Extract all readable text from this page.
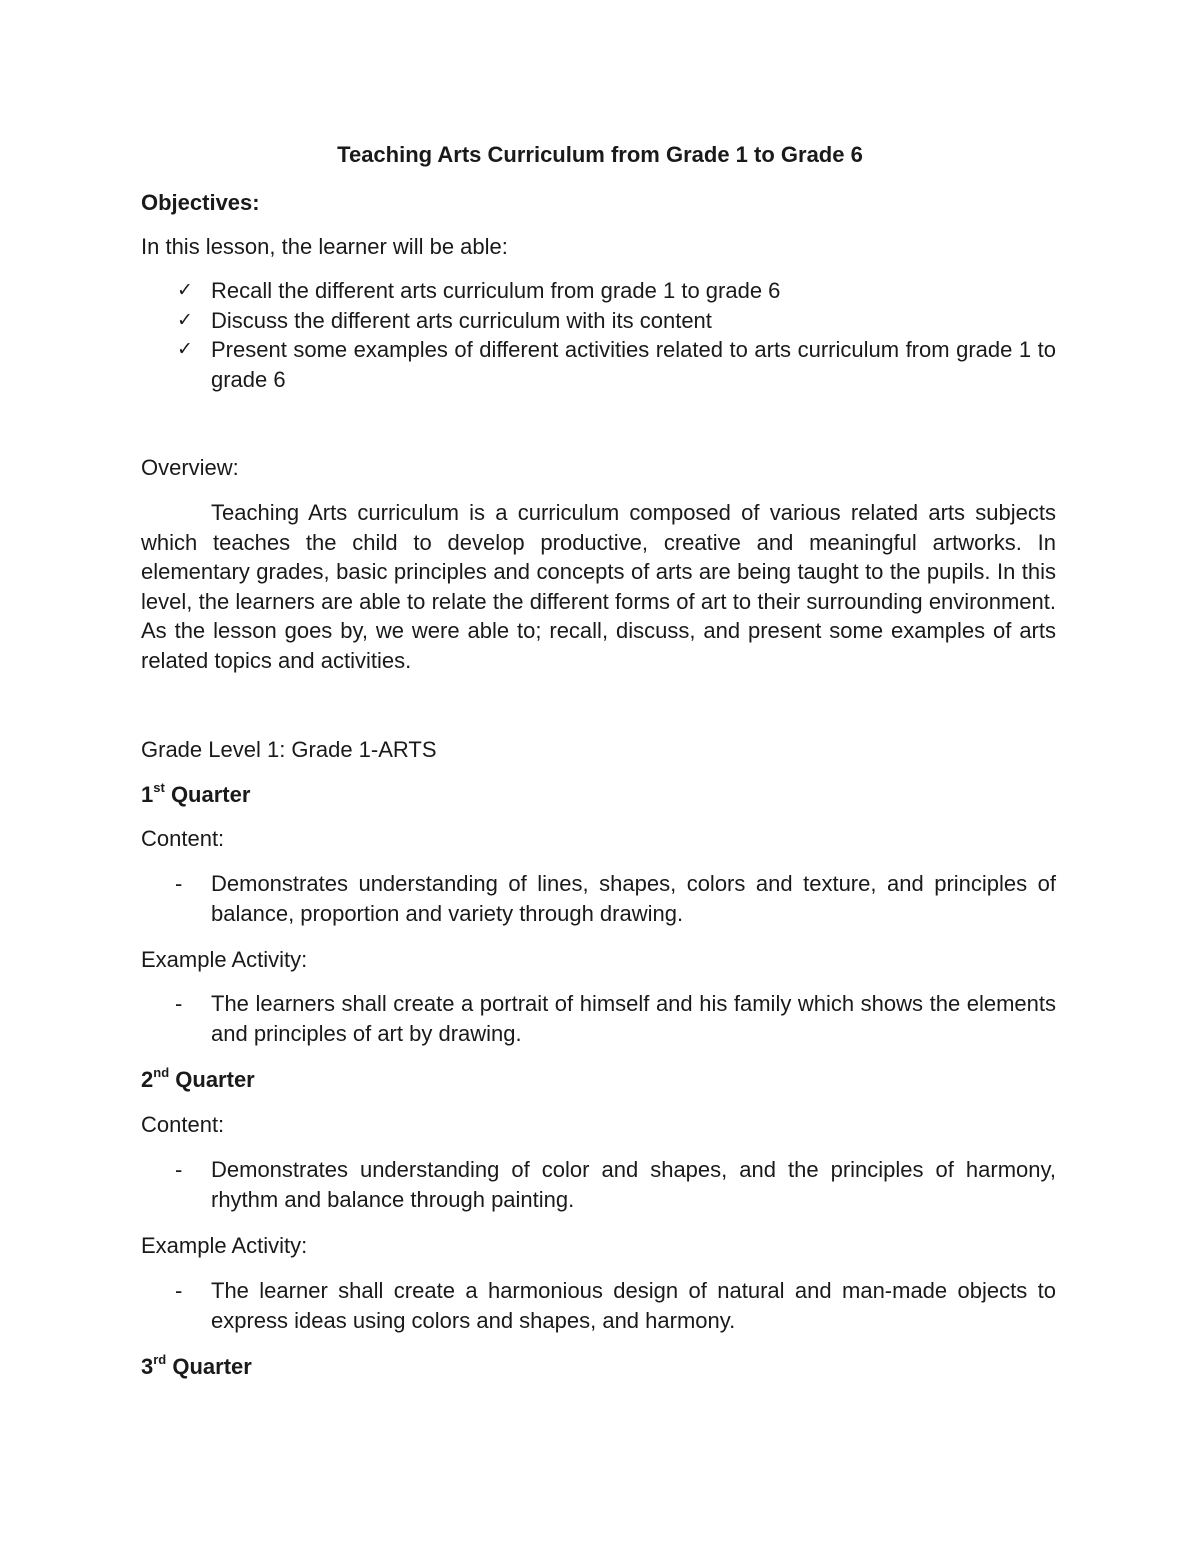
Teaching Arts Curriculum from Grade 1 to Grade 6
Objectives:
In this lesson, the learner will be able:
✓ Recall the different arts curriculum from grade 1 to grade 6
✓ Discuss the different arts curriculum with its content
✓ Present some examples of different activities related to arts curriculum from grade 1 to grade 6
Overview:
Teaching Arts curriculum is a curriculum composed of various related arts subjects which teaches the child to develop productive, creative and meaningful artworks. In elementary grades, basic principles and concepts of arts are being taught to the pupils. In this level, the learners are able to relate the different forms of art to their surrounding environment. As the lesson goes by, we were able to; recall, discuss, and present some examples of arts related topics and activities.
Grade Level 1: Grade 1-ARTS
1st Quarter
Content:
- Demonstrates understanding of lines, shapes, colors and texture, and principles of balance, proportion and variety through drawing.
Example Activity:
- The learners shall create a portrait of himself and his family which shows the elements and principles of art by drawing.
2nd Quarter
Content:
- Demonstrates understanding of color and shapes, and the principles of harmony, rhythm and balance through painting.
Example Activity:
- The learner shall create a harmonious design of natural and man-made objects to express ideas using colors and shapes, and harmony.
3rd Quarter
